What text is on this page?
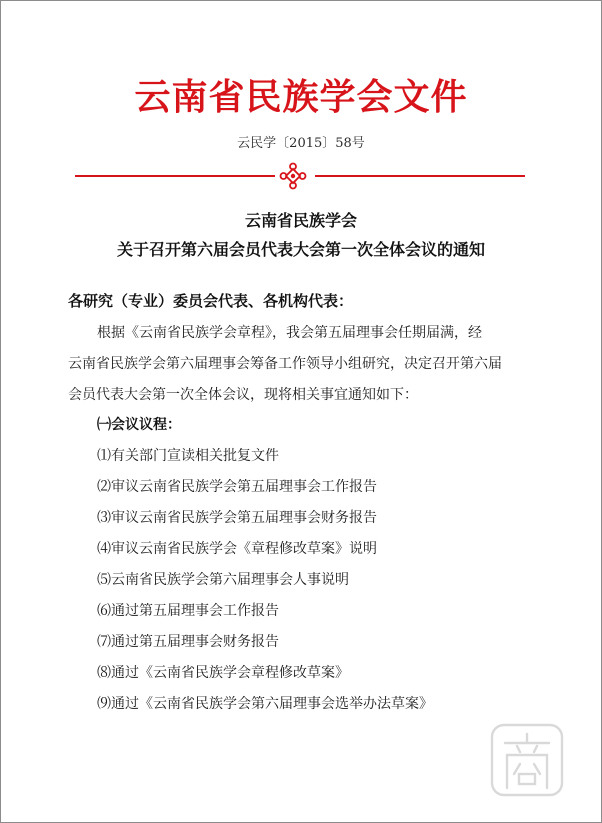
云南省民族学会文件
云民学〔2015〕58号
云南省民族学会
关于召开第六届会员代表大会第一次全体会议的通知
各研究（专业）委员会代表、各机构代表：
根据《云南省民族学会章程》，我会第五届理事会任期届满，经
云南省民族学会第六届理事会筹备工作领导小组研究，决定召开第六届
会员代表大会第一次全体会议，现将相关事宜通知如下：
㈠会议议程：
⑴有关部门宣读相关批复文件
⑵审议云南省民族学会第五届理事会工作报告
⑶审议云南省民族学会第五届理事会财务报告
⑷审议云南省民族学会《章程修改草案》说明
⑸云南省民族学会第六届理事会人事说明
⑹通过第五届理事会工作报告
⑺通过第五届理事会财务报告
⑻通过《云南省民族学会章程修改草案》
⑼通过《云南省民族学会第六届理事会选举办法草案》
